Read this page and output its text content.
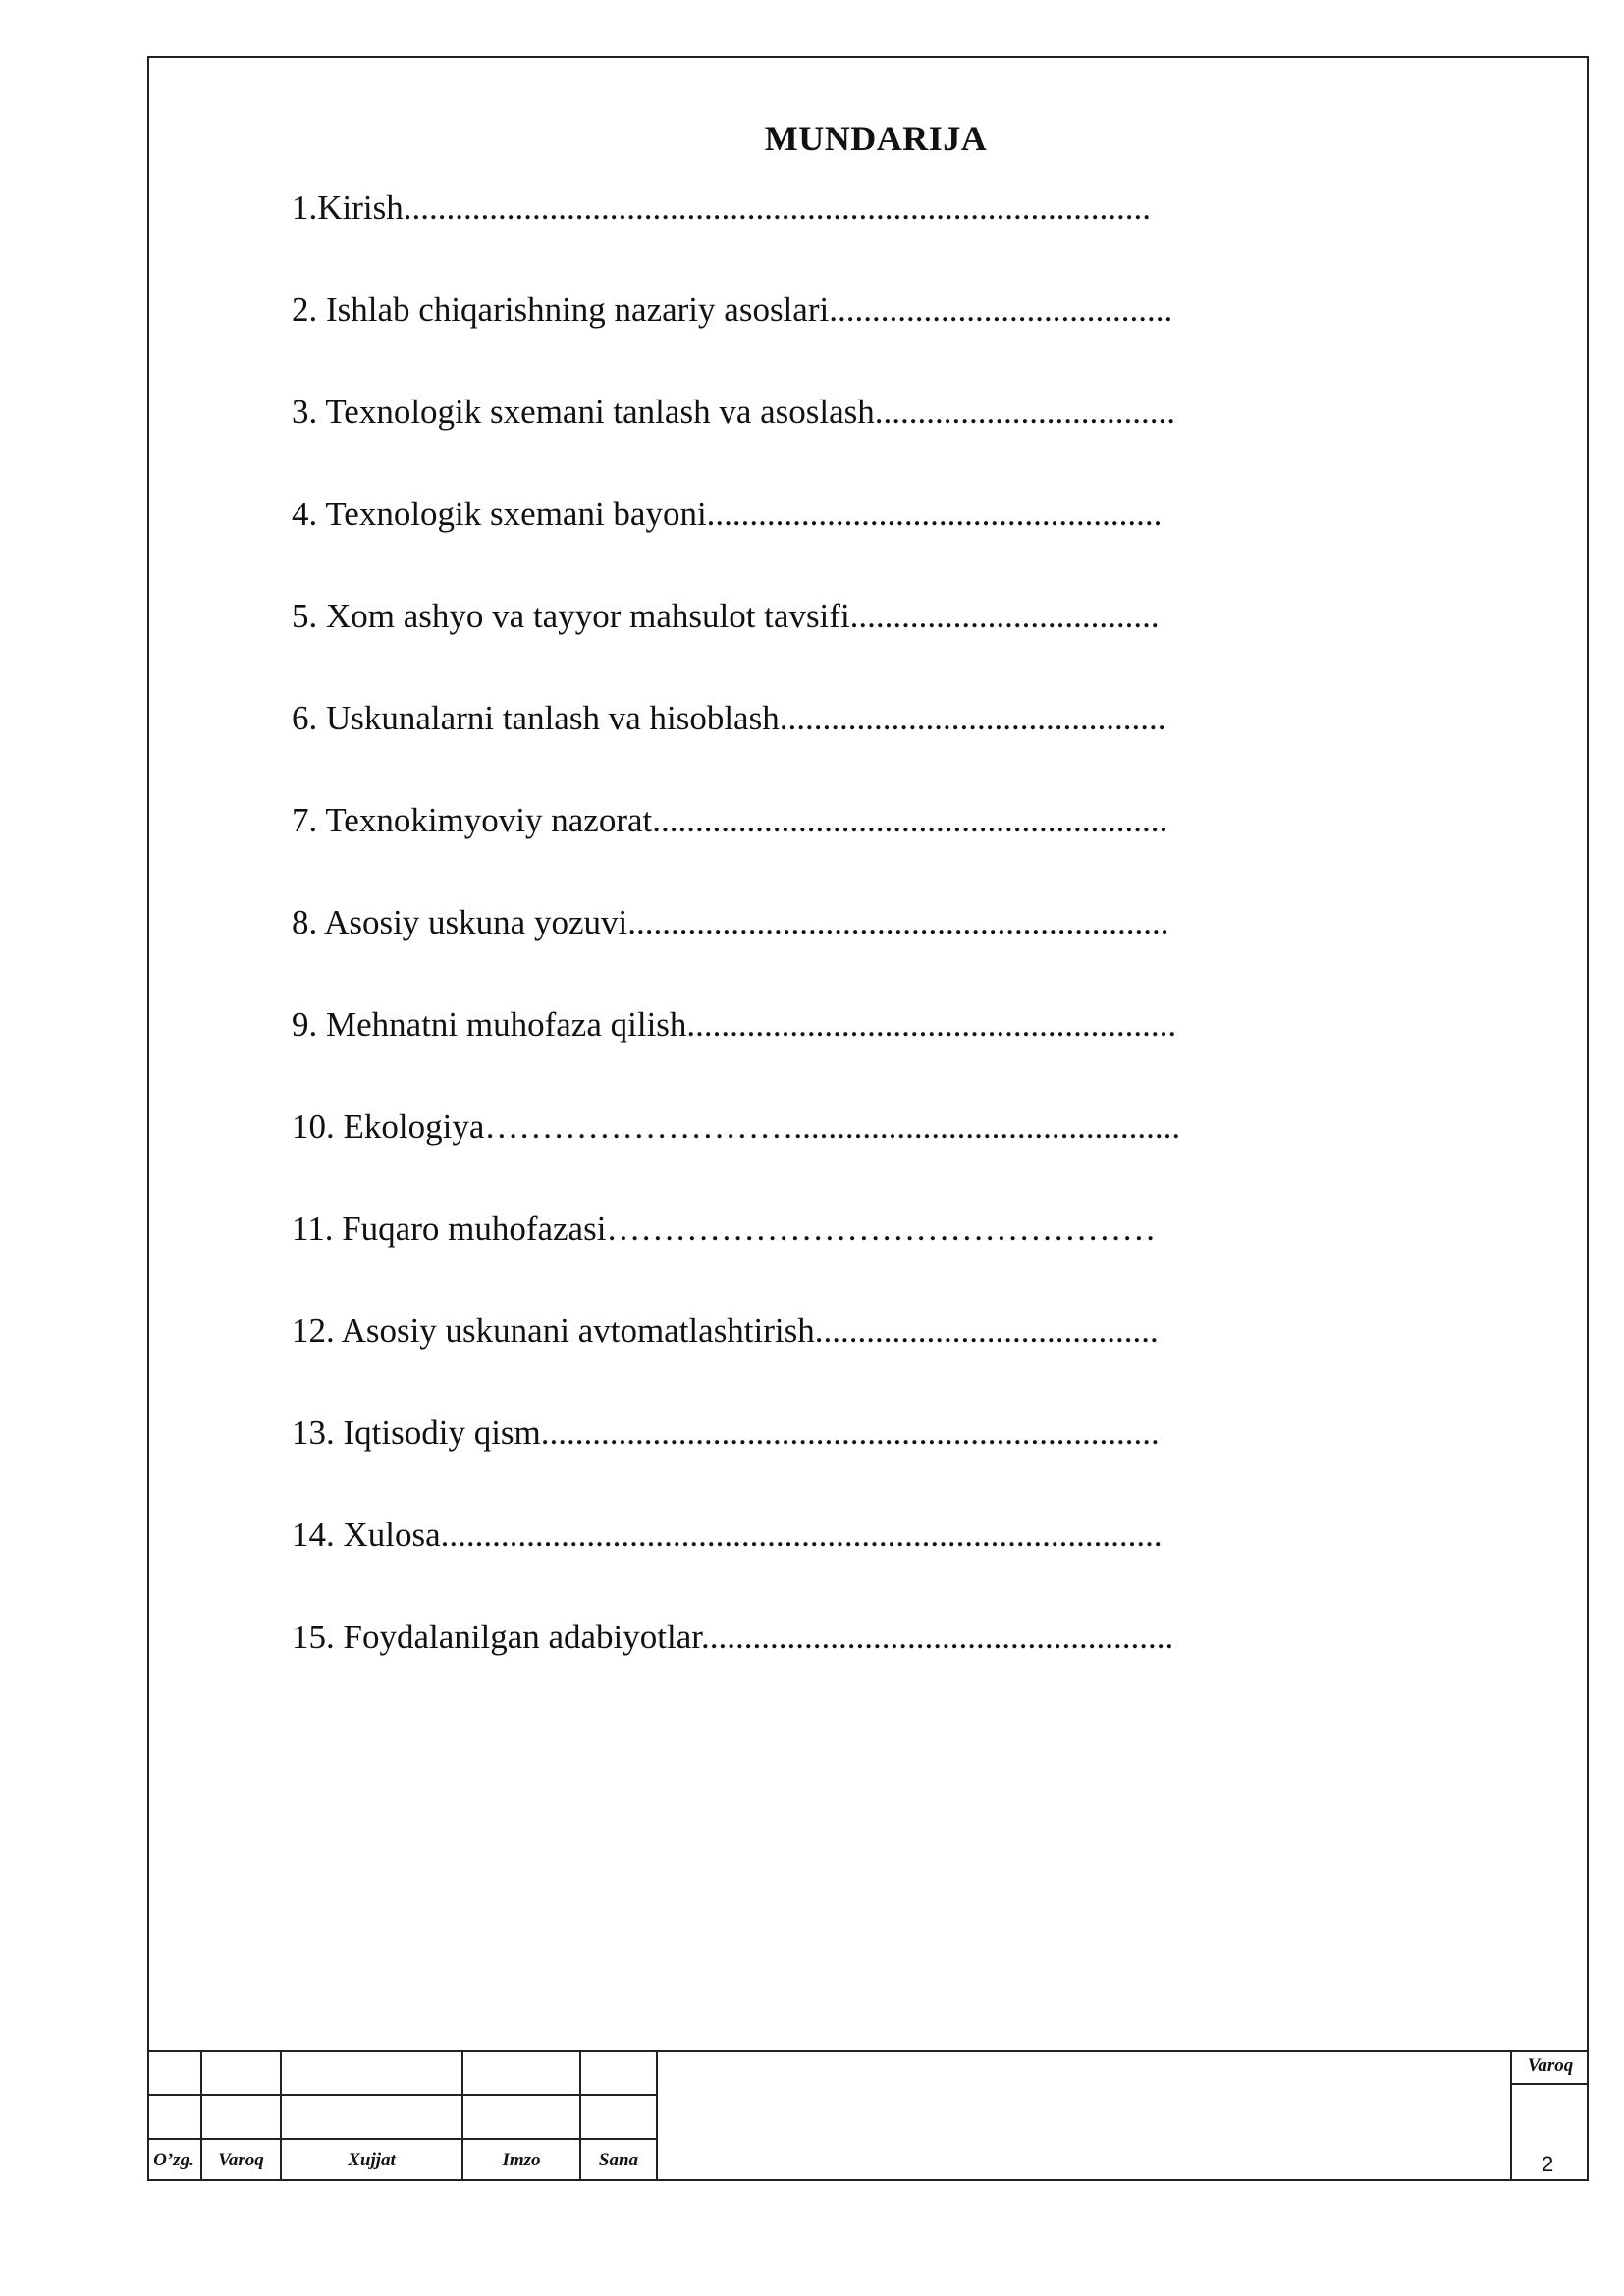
MUNDARIJA
1.Kirish.......................................................................................
2. Ishlab chiqarishning nazariy asoslari........................................
3. Texnologik sxemani tanlash va asoslash...................................
4. Texnologik sxemani bayoni.....................................................
5. Xom ashyo va tayyor mahsulot tavsifi....................................
6. Uskunalarni tanlash va hisoblash.............................................
7. Texnokimyoviy nazorat............................................................
8. Asosiy uskuna yozuvi...............................................................
9. Mehnatni muhofaza qilish.........................................................
10. Ekologiya……………………….............................................
11. Fuqaro muhofazasi…………………………………………
12. Asosiy uskunani avtomatlashtirish........................................
13. Iqtisodiy qism........................................................................
14. Xulosa....................................................................................
15. Foydalanilgan adabiyotlar.......................................................
O’zg.	Varoq	Xujjat	Imzo	Sana
Varoq
2
